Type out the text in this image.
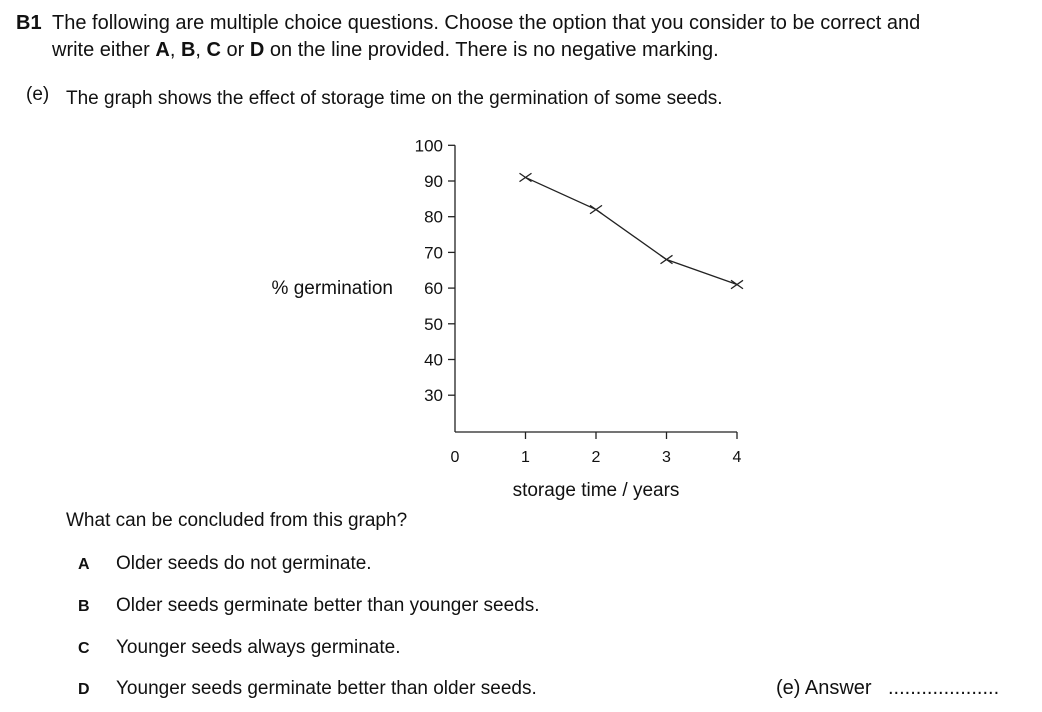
B1 The following are multiple choice questions. Choose the option that you consider to be correct and
write either A, B, C or D on the line provided. There is no negative marking.
(e) The graph shows the effect of storage time on the germination of some seeds.
30
40
50
60
70
80
90
100
0	1	2	3	4
% germination
storage time / years
What can be concluded from this graph?
A Older seeds do not germinate.
B Older seeds germinate better than younger seeds.
C Younger seeds always germinate.
D Younger seeds germinate better than older seeds.	(e) Answer ....................
